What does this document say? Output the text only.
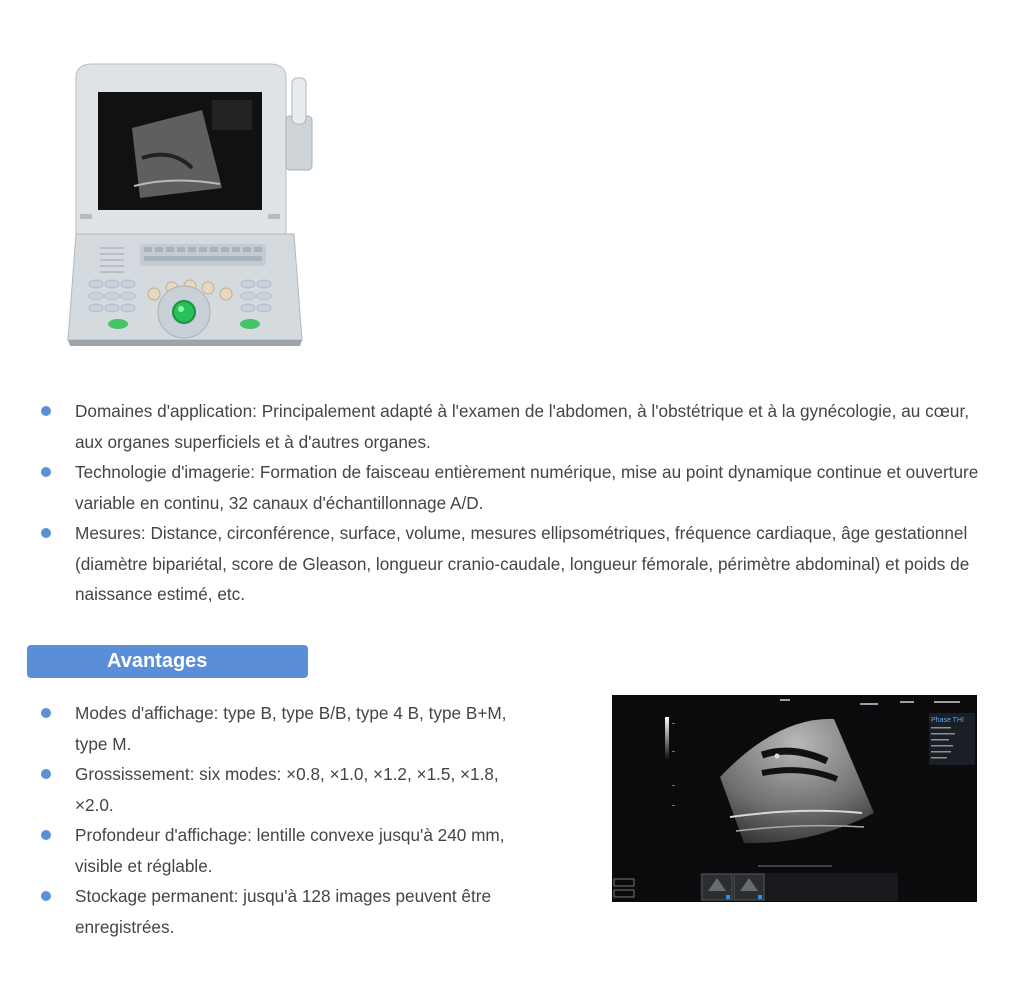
Domaines d'application: Principalement adapté à l'examen de l'abdomen, à l'obstétrique et à la gynécologie, au cœur, aux organes superficiels et à d'autres organes.
Technologie d'imagerie: Formation de faisceau entièrement numérique, mise au point dynamique continue et ouverture variable en continu, 32 canaux d'échantillonnage A/D.
Mesures: Distance, circonférence, surface, volume, mesures ellipsométriques, fréquence cardiaque, âge gestationnel (diamètre bipariétal, score de Gleason, longueur cranio-caudale, longueur fémorale, périmètre abdominal) et poids de naissance estimé, etc.
Avantages
Modes d'affichage: type B, type B/B, type 4 B, type B+M, type M.
Grossissement: six modes: ×0.8, ×1.0, ×1.2, ×1.5, ×1.8, ×2.0.
Profondeur d'affichage: lentille convexe jusqu'à 240 mm, visible et réglable.
Stockage permanent: jusqu'à 128 images peuvent être enregistrées.
Phase THI
